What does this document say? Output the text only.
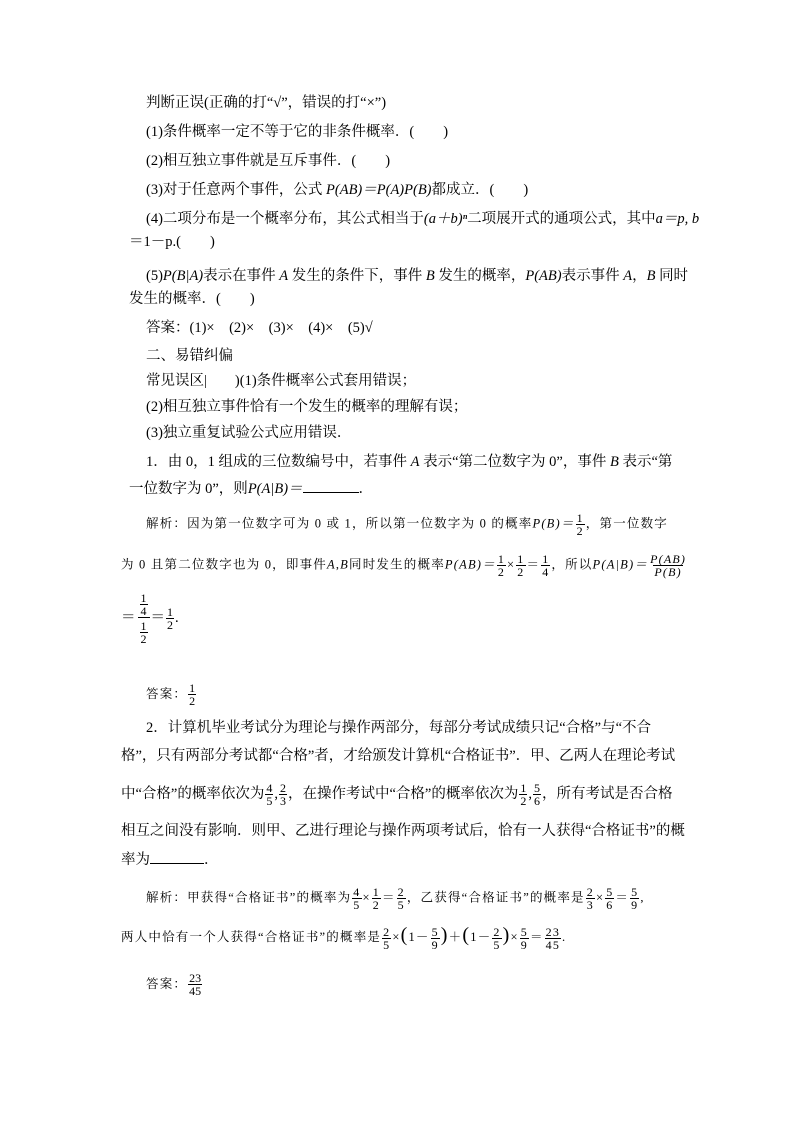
判断正误(正确的打“√”，错误的打“×”)
(1)条件概率一定不等于它的非条件概率．(　　)
(2)相互独立事件就是互斥事件．(　　)
(3)对于任意两个事件，公式 P(AB)＝P(A)P(B)都成立．(　　)
(4)二项分布是一个概率分布，其公式相当于(a＋b)ⁿ二项展开式的通项公式，其中a＝p, b
＝1－p.(　　)
(5)P(B|A)表示在事件 A 发生的条件下，事件 B 发生的概率，P(AB)表示事件 A，B 同时
发生的概率．(　　)
答案：(1)×　(2)×　(3)×　(4)×　(5)√
二、易错纠偏
常见误区| )(1)条件概率公式套用错误；
(2)相互独立事件恰有一个发生的概率的理解有误；
(3)独立重复试验公式应用错误．
1．由 0，1 组成的三位数编号中，若事件 A 表示“第二位数字为 0”，事件 B 表示“第
一位数字为 0”，则P(A|B)＝	．
解析：因为第一位数字可为 0 或 1，所以第一位数字为 0 的概率$P(B)= \frac{1}{2}$ ，第一位数字
为 0 且第二位数字也为 0，即事件A,B同时发生的概率$P(AB)= \frac{1}{2} \times \frac{1}{2} = \frac{1}{4}$ ，所以$P(A|B)= \frac{P(AB)}{P(B)}$
＝ $\frac{\frac{1}{4}}{\frac{1}{2}} = \frac{1}{2}$ .
答案： $\frac{1}{2}$
2．计算机毕业考试分为理论与操作两部分，每部分考试成绩只记“合格”与“不合
格”，只有两部分考试都“合格”者，才给颁发计算机“合格证书”．甲、乙两人在理论考试
中“合格”的概率依次为 $\frac{4}{5}$ , $\frac{2}{3}$ ，在操作考试中“合格”的概率依次为 $\frac{1}{2}$ , $\frac{5}{6}$ ，所有考试是否合格
相互之间没有影响．则甲、乙进行理论与操作两项考试后，恰有一人获得“合格证书”的概
率为	．
解析：甲获得“合格证书”的概率为 $\frac{4}{5} \times \frac{1}{2} = \frac{2}{5}$ ，乙获得“合格证书”的概率是 $\frac{2}{3} \times \frac{5}{6} = \frac{5}{9}$ ,
两人中恰有一个人获得“合格证书”的概率是 $\frac{2}{5} \times(1- \frac{5}{9} )+(1- \frac{2}{5}$ )× $\frac{5}{9} = \frac{23}{45}$ .
答案： $\frac{23}{45}$
